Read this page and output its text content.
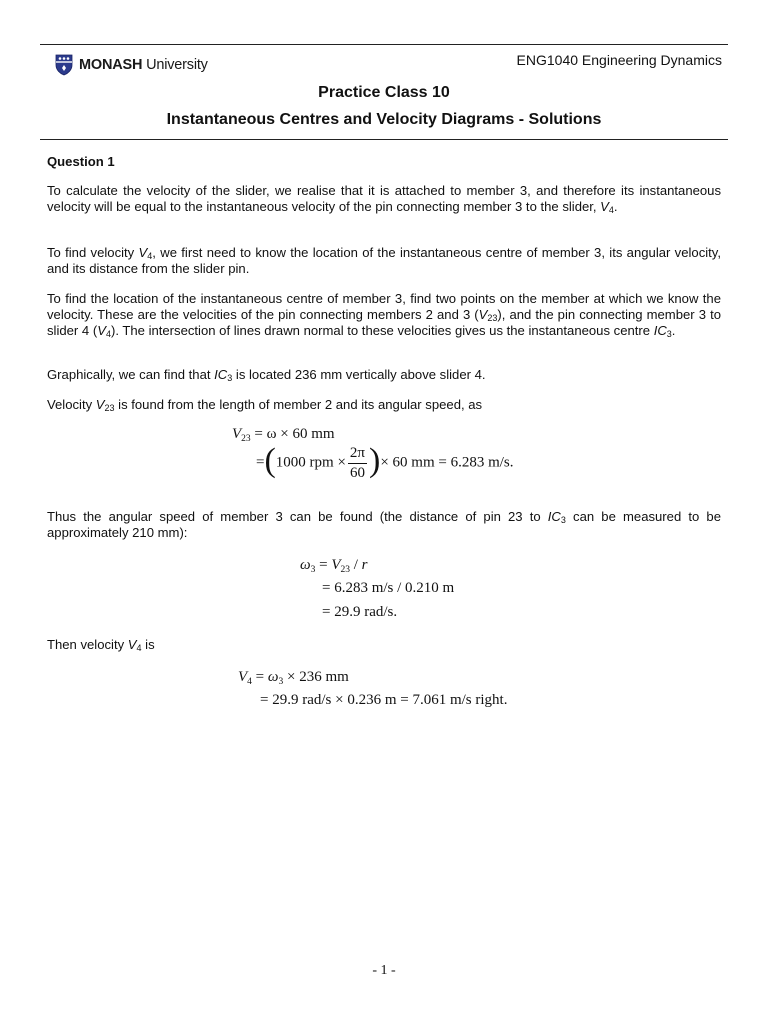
MONASH University	ENG1040 Engineering Dynamics
Practice Class 10
Instantaneous Centres and Velocity Diagrams - Solutions
Question 1
To calculate the velocity of the slider, we realise that it is attached to member 3, and therefore its instantaneous velocity will be equal to the instantaneous velocity of the pin connecting member 3 to the slider, $V_4$.
To find velocity $V_4$, we first need to know the location of the instantaneous centre of member 3, its angular velocity, and its distance from the slider pin.
To find the location of the instantaneous centre of member 3, find two points on the member at which we know the velocity. These are the velocities of the pin connecting members 2 and 3 $(V_{23})$, and the pin connecting member 3 to slider 4 $(V_4)$. The intersection of lines drawn normal to these velocities gives us the instantaneous centre $IC_3$.
Graphically, we can find that $IC_3$ is located 236 mm vertically above slider 4.
Velocity $V_{23}$ is found from the length of member 2 and its angular speed, as
$V_{23} = \omega \times 60$ mm
=(1000 rpm × $\frac{2\pi}{60}$ )× 60 mm = 6.283 m/s.
Thus the angular speed of member 3 can be found (the distance of pin 23 to $IC_3$ can be measured to be approximately 210 mm):
$\omega_3 = V_{23} / r$
= 6.283 m/s / 0.210 m
= 29.9 rad/s.
Then velocity $V_4$ is
$V_4 = \omega_3 \times 236$ mm
= 29.9 rad/s × 0.236 m = 7.061 m/s right.
- 1 -
